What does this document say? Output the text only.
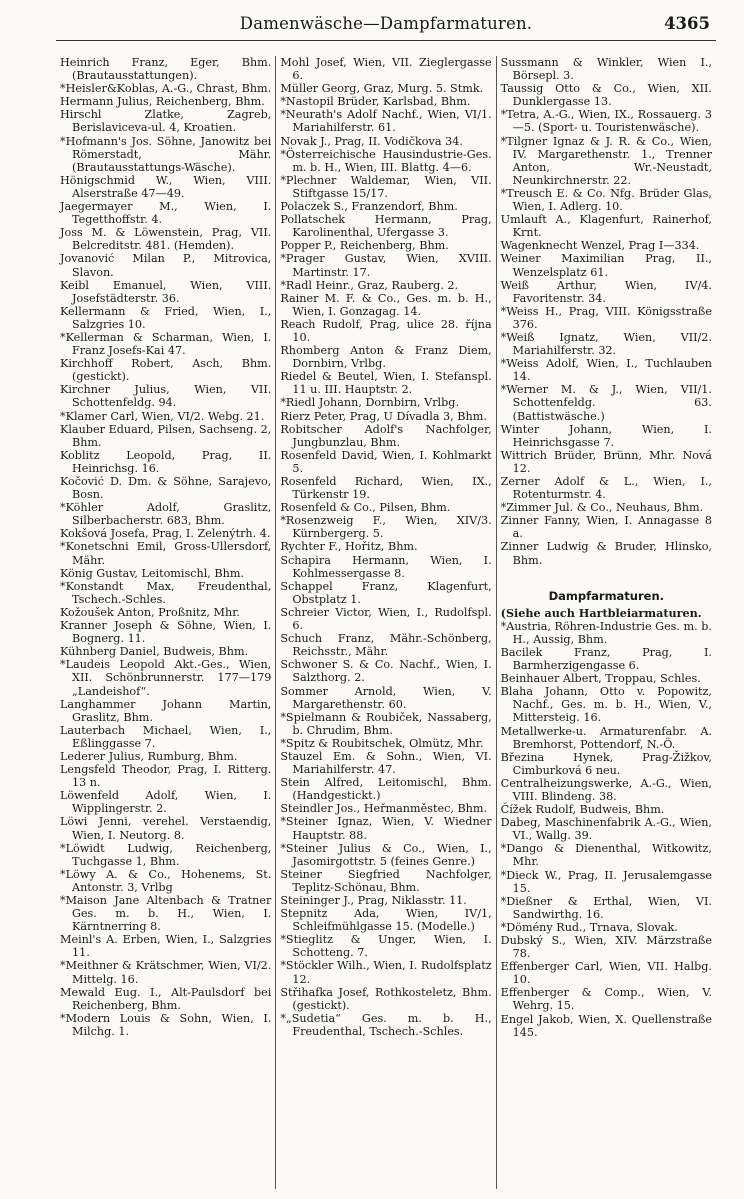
Damenwäsche—Dampfarmaturen.	4365
Heinrich Franz, Eger, Bhm. (Brautausstattungen).
*Heisler&Koblas, A.-G., Chrast, Bhm.
Hermann Julius, Reichenberg, Bhm.
Hirschl Zlatke, Zagreb, Berislaviceva-ul. 4, Kroatien.
*Hofmann's Jos. Söhne, Janowitz bei Römerstadt, Mähr. (Brautausstattungs-Wäsche).
Hönigschmid W., Wien, VIII. Alserstraße 47—49.
Jaegermayer M., Wien, I. Tegetthoffstr. 4.
Joss M. & Löwenstein, Prag, VII. Belcreditstr. 481. (Hemden).
Jovanović Milan P., Mitrovica, Slavon.
Keibl Emanuel, Wien, VIII. Josefstädterstr. 36.
Kellermann & Fried, Wien, I., Salzgries 10.
*Kellerman & Scharman, Wien, I. Franz Josefs-Kai 47.
Kirchhoff Robert, Asch, Bhm. (gestickt).
Kirchner Julius, Wien, VII. Schottenfeldg. 94.
*Klamer Carl, Wien, VI/2. Webg. 21.
Klauber Eduard, Pilsen, Sachseng. 2, Bhm.
Koblitz Leopold, Prag, II. Heinrichsg. 16.
Kočović D. Dm. & Söhne, Sarajevo, Bosn.
*Köhler Adolf, Graslitz, Silberbacherstr. 683, Bhm.
Kokšová Josefa, Prag, I. Zelenýtrh. 4.
*Konetschni Emil, Gross-Ullersdorf, Mähr.
König Gustav, Leitomischl, Bhm.
*Konstandt Max, Freudenthal, Tschech.-Schles.
Kožoušek Anton, Proßnitz, Mhr.
Kranner Joseph & Söhne, Wien, I. Bognerg. 11.
Kühnberg Daniel, Budweis, Bhm.
*Laudeis Leopold Akt.-Ges., Wien, XII. Schönbrunnerstr. 177—179 „Landeishof“.
Langhammer Johann Martin, Graslitz, Bhm.
Lauterbach Michael, Wien, I., Eßlinggasse 7.
Lederer Julius, Rumburg, Bhm.
Lengsfeld Theodor, Prag, I. Ritterg. 13 n.
Löwenfeld Adolf, Wien, I. Wipplingerstr. 2.
Löwi Jenni, verehel. Verstaendig, Wien, I. Neutorg. 8.
*Löwidt Ludwig, Reichenberg, Tuchgasse 1, Bhm.
*Löwy A. & Co., Hohenems, St. Antonstr. 3, Vrlbg
*Maison Jane Altenbach & Tratner Ges. m. b. H., Wien, I. Kärntnerring 8.
Meinl's A. Erben, Wien, I., Salzgries 11.
*Meithner & Krätschmer, Wien, VI/2. Mittelg. 16.
Mewald Eug. I., Alt-Paulsdorf bei Reichenberg, Bhm.
*Modern Louis & Sohn, Wien, I. Milchg. 1.
Mohl Josef, Wien, VII. Zieglergasse 6.
Müller Georg, Graz, Murg. 5. Stmk.
*Nastopil Brüder, Karlsbad, Bhm.
*Neurath's Adolf Nachf., Wien, VI/1. Mariahilferstr. 61.
Novak J., Prag, II. Vodičkova 34.
*Österreichische Hausindustrie-Ges. m. b. H., Wien, III. Blattg. 4—6.
*Plechner Waldemar, Wien, VII. Stiftgasse 15/17.
Polaczek S., Franzendorf, Bhm.
Pollatschek Hermann, Prag, Karolinenthal, Ufergasse 3.
Popper P., Reichenberg, Bhm.
*Prager Gustav, Wien, XVIII. Martinstr. 17.
*Radl Heinr., Graz, Rauberg. 2.
Rainer M. F. & Co., Ges. m. b. H., Wien, I. Gonzagag. 14.
Reach Rudolf, Prag, ulice 28. října 10.
Rhomberg Anton & Franz Diem, Dornbirn, Vrlbg.
Riedel & Beutel, Wien, I. Stefanspl. 11 u. III. Hauptstr. 2.
*Riedl Johann, Dornbirn, Vrlbg.
Rierz Peter, Prag, U Dívadla 3, Bhm.
Robitscher Adolf's Nachfolger, Jungbunzlau, Bhm.
Rosenfeld David, Wien, I. Kohlmarkt 5.
Rosenfeld Richard, Wien, IX., Türkenstr 19.
Rosenfeld & Co., Pilsen, Bhm.
*Rosenzweig F., Wien, XIV/3. Kürnbergerg. 5.
Rychter F., Hořitz, Bhm.
Schapira Hermann, Wien, I. Kohlmessergasse 8.
Schappel Franz, Klagenfurt, Obstplatz 1.
Schreier Victor, Wien, I., Rudolfspl. 6.
Schuch Franz, Mähr.-Schönberg, Reichsstr., Mähr.
Schwoner S. & Co. Nachf., Wien, I. Salzthorg. 2.
Sommer Arnold, Wien, V. Margarethenstr. 60.
*Spielmann & Roubiček, Nassaberg, b. Chrudim, Bhm.
*Spitz & Roubitschek, Olmütz, Mhr.
Stauzel Em. & Sohn., Wien, VI. Mariahilferstr. 47.
Stein Alfred, Leitomischl, Bhm. (Handgestickt.)
Steindler Jos., Heřmanměstec, Bhm.
*Steiner Ignaz, Wien, V. Wiedner Hauptstr. 88.
*Steiner Julius & Co., Wien, I., Jasomirgottstr. 5 (feines Genre.)
Steiner Siegfried Nachfolger, Teplitz-Schönau, Bhm.
Steininger J., Prag, Niklasstr. 11.
Stepnitz Ada, Wien, IV/1, Schleifmühlgasse 15. (Modelle.)
*Stieglitz & Unger, Wien, I. Schotteng. 7.
*Stöckler Wilh., Wien, I. Rudolfsplatz 12.
Střihafka Josef, Rothkosteletz, Bhm. (gestickt).
*„Sudetia“ Ges. m. b. H., Freudenthal, Tschech.-Schles.
Sussmann & Winkler, Wien I., Börsepl. 3.
Taussig Otto & Co., Wien, XII. Dunklergasse 13.
*Tetra, A.-G., Wien, IX., Rossauerg. 3—5. (Sport- u. Touristenwäsche).
*Tilgner Ignaz & J. R. & Co., Wien, IV. Margarethenstr. 1., Trenner Anton, Wr.-Neustadt, Neunkirchnerstr. 22.
*Treusch E. & Co. Nfg. Brüder Glas, Wien, I. Adlerg. 10.
Umlauft A., Klagenfurt, Rainerhof, Krnt.
Wagenknecht Wenzel, Prag I—334.
Weiner Maximilian Prag, II., Wenzelsplatz 61.
Weiß Arthur, Wien, IV/4. Favoritenstr. 34.
*Weiss H., Prag, VIII. Königsstraße 376.
*Weiß Ignatz, Wien, VII/2. Mariahilferstr. 32.
*Weiss Adolf, Wien, I., Tuchlauben 14.
*Werner M. & J., Wien, VII/1. Schottenfeldg. 63. (Battistwäsche.)
Winter Johann, Wien, I. Heinrichsgasse 7.
Wittrich Brüder, Brünn, Mhr. Nová 12.
Zerner Adolf & L., Wien, I., Rotenturmstr. 4.
*Zimmer Jul. & Co., Neuhaus, Bhm.
Zinner Fanny, Wien, I. Annagasse 8 a.
Zinner Ludwig & Bruder, Hlinsko, Bhm.
Dampfarmaturen.
(Siehe auch Hartbleiarmaturen.
*Austria, Röhren-Industrie Ges. m. b. H., Aussig, Bhm.
Bacilek Franz, Prag, I. Barmherzigengasse 6.
Beinhauer Albert, Troppau, Schles.
Blaha Johann, Otto v. Popowitz, Nachf., Ges. m. b. H., Wien, V., Mittersteig. 16.
Metallwerke-u. Armaturenfabr. A. Bremhorst, Pottendorf, N.-Ö.
Březina Hynek, Prag-Žižkov, Cimburková 6 neu.
Centralheizungswerke, A.-G., Wien, VIII. Blindeng. 38.
Čížek Rudolf, Budweis, Bhm.
Dabeg, Maschinenfabrik A.-G., Wien, VI., Wallg. 39.
*Dango & Dienenthal, Witkowitz, Mhr.
*Dieck W., Prag, II. Jerusalemgasse 15.
*Dießner & Erthal, Wien, VI. Sandwirthg. 16.
*Dömény Rud., Trnava, Slovak.
Dubský S., Wien, XIV. Märzstraße 78.
Effenberger Carl, Wien, VII. Halbg. 10.
Effenberger & Comp., Wien, V. Wehrg. 15.
Engel Jakob, Wien, X. Quellenstraße 145.
